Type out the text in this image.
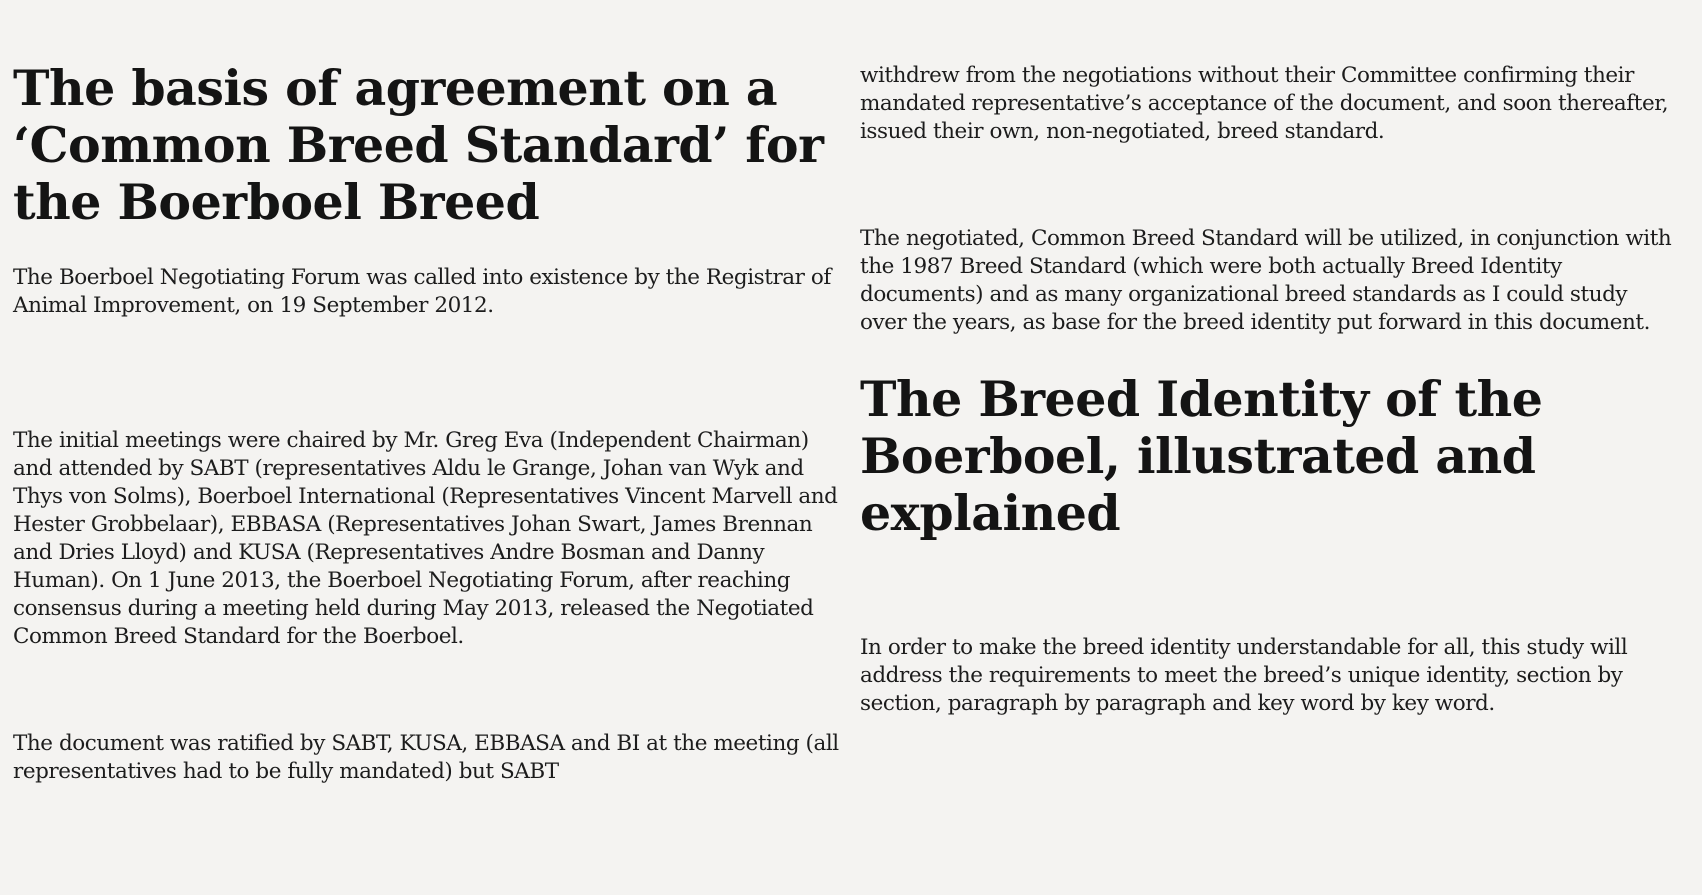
The basis of agreement on a ‘Common Breed Standard’ for the Boerboel Breed

The Boerboel Negotiating Forum was called into existence by the Registrar of Animal Improvement, on 19 September 2012.

The initial meetings were chaired by Mr. Greg Eva (Independent Chairman) and attended by SABT (representatives Aldu le Grange, Johan van Wyk and Thys von Solms), Boerboel International (Representatives Vincent Marvell and Hester Grobbelaar), EBBASA (Representatives Johan Swart, James Brennan and Dries Lloyd) and KUSA (Representatives Andre Bosman and Danny Human). On 1 June 2013, the Boerboel Negotiating Forum, after reaching consensus during a meeting held during May 2013, released the Negotiated Common Breed Standard for the Boerboel.

The document was ratified by SABT, KUSA, EBBASA and BI at the meeting (all representatives had to be fully mandated) but SABT

withdrew from the negotiations without their Committee confirming their mandated representative’s acceptance of the document, and soon thereafter, issued their own, non-negotiated, breed standard.

The negotiated, Common Breed Standard will be utilized, in conjunction with the 1987 Breed Standard (which were both actually Breed Identity documents) and as many organizational breed standards as I could study over the years, as base for the breed identity put forward in this document.

The Breed Identity of the Boerboel, illustrated and explained

In order to make the breed identity understandable for all, this study will address the requirements to meet the breed’s unique identity, section by section, paragraph by paragraph and key word by key word.
